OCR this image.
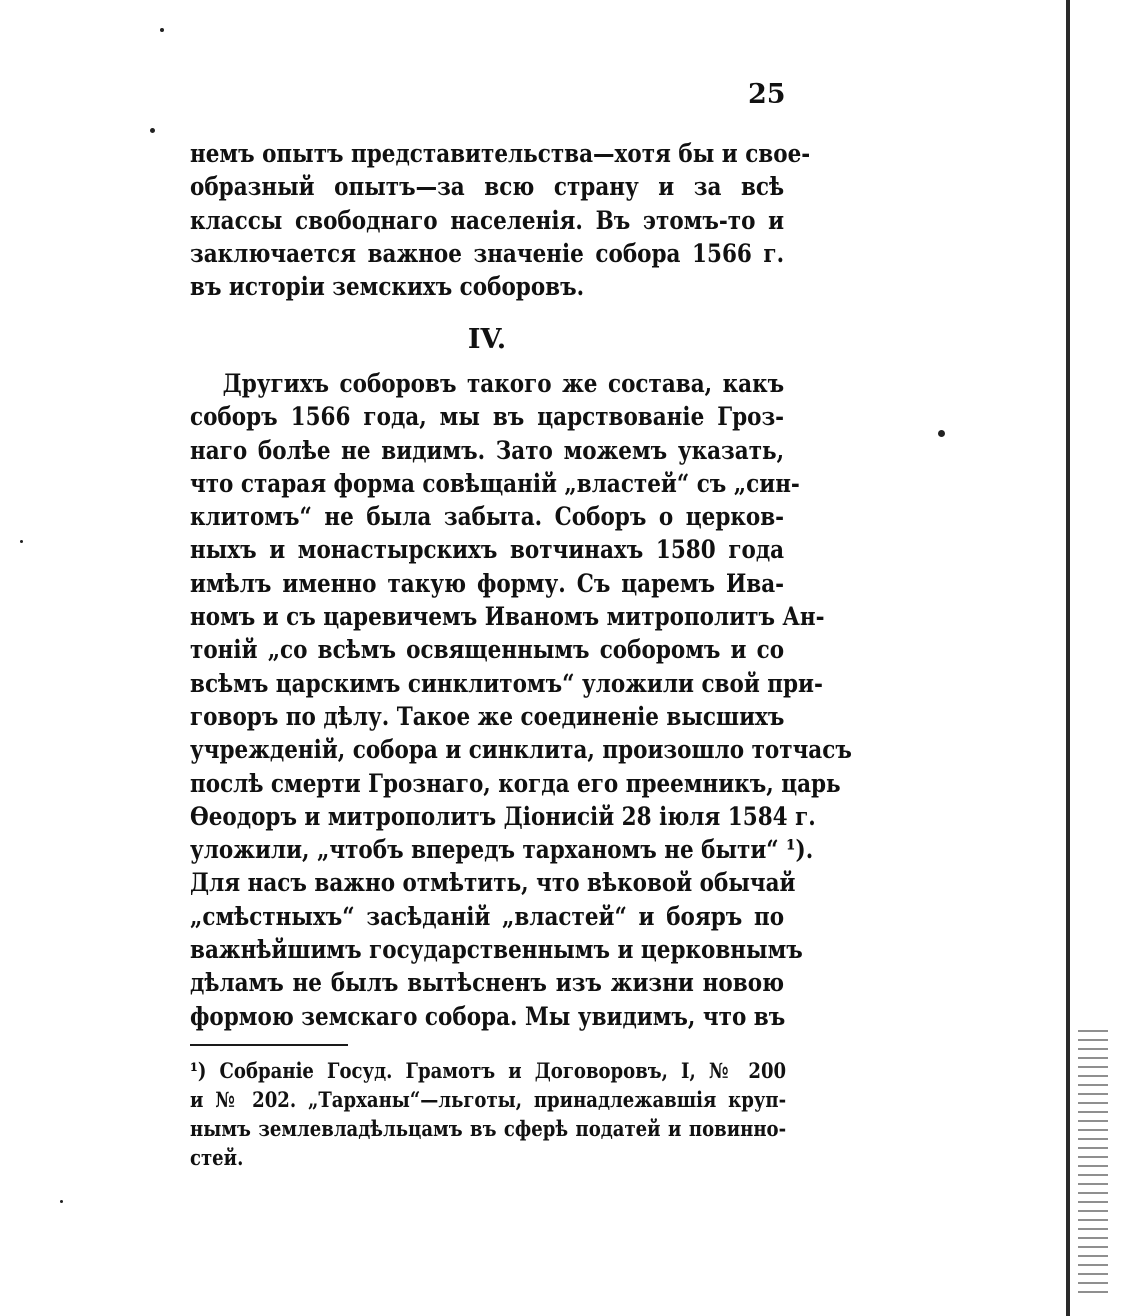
25
немъ опытъ представительства—хотя бы и свое-
образный опытъ—за всю страну и за всѣ
классы свободнаго населенія. Въ этомъ-то и
заключается важное значеніе собора 1566 г.
въ исторіи земскихъ соборовъ.
IV.
Другихъ соборовъ такого же состава, какъ
соборъ 1566 года, мы въ царствованіе Гроз-
наго болѣе не видимъ. Зато можемъ указать,
что старая форма совѣщаній „властей“ съ „син-
клитомъ“ не была забыта. Соборъ о церков-
ныхъ и монастырскихъ вотчинахъ 1580 года
имѣлъ именно такую форму. Съ царемъ Ива-
номъ и съ царевичемъ Иваномъ митрополитъ Ан-
тоній „со всѣмъ освященнымъ соборомъ и со
всѣмъ царскимъ синклитомъ“ уложили свой при-
говоръ по дѣлу. Такое же соединеніе высшихъ
учрежденій, собора и синклита, произошло тотчасъ
послѣ смерти Грознаго, когда его преемникъ, царь
Ѳеодоръ и митрополитъ Діонисій 28 іюля 1584 г.
уложили, „чтобъ впередъ тарханомъ не быти“ ¹).
Для насъ важно отмѣтить, что вѣковой обычай
„смѣстныхъ“ засѣданій „властей“ и бояръ по
важнѣйшимъ государственнымъ и церковнымъ
дѣламъ не былъ вытѣсненъ изъ жизни новою
формою земскаго собора. Мы увидимъ, что въ
¹) Собраніе Госуд. Грамотъ и Договоровъ, I, № 200
и № 202. „Тарханы“—льготы, принадлежавшія круп-
нымъ землевладѣльцамъ въ сферѣ податей и повинно-
стей.
